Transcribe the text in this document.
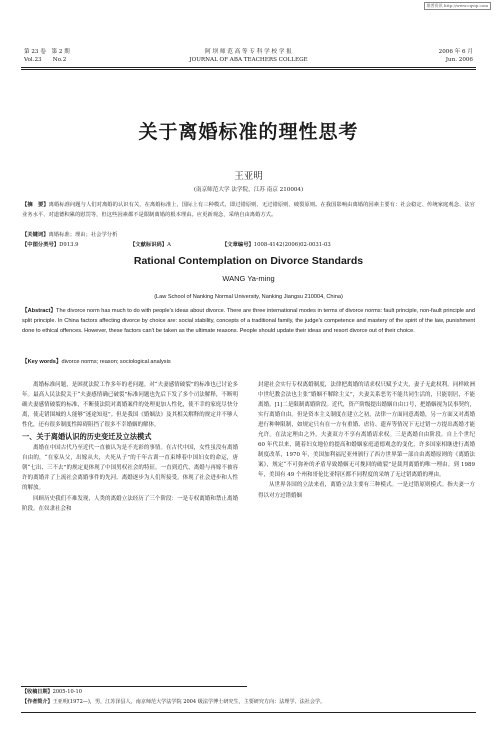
维普资讯 http://www.cqvip.com
第 23 卷　第 2 期
Vol.23　　No.2
阿 坝 师 范 高 等 专 科 学 校 学 报
JOURNAL OF ABA TEACHERS COLLEGE
2006 年 6 月
Jun. 2006
关于离婚标准的理性思考
王亚明
(南京师范大学 法学院，江苏 南京 210004)
【摘　要】离婚标准问题与人们对离婚的认识有关，在离婚标准上，国际上有三种模式，即过错原则、无过错原则、破裂原则。在我国影响由离婚的因素主要有：社会稳定、传统家庭观念、法官业务水平、对道德积累的慰罚等，但这些因素都不是限制离婚的根本理由。应更新观念，采纳自由离婚方式。
【关键词】离婚标准；理由；社会学分析
【中图分类号】D913.9	【文献标识码】A	【文章编号】1008-4142(2006)02-0031-03
Rational Contemplation on Divorce Standards
WANG Ya-ming
(Law School of Nanking Normal University, Nanking Jiangsu 210004, China)
【Abstract】The divorce norm has much to do with people's ideas about divorce. There are three international modes in terms of divorce norms: fault principle, non-fault principle and split principle. In China factors affecting divorce by choice are: social stability, concepts of a traditional family, the judge's competence and mastery of the spirit of the law, punishment done to ethical offences. However, these factors can't be taken as the ultimate reasons. People should update their ideas and resort divorce out of their choice.
【Key words】divorce norms; reason; sociological analysis

离婚标准问题，是困扰法院工作多年的老问题。对“夫妻感情破裂”的标准也已讨论多年。最高人民法院关于“夫妻感情确已破裂”标准问题也先后下发了多个司法解释，不断明确夫妻感情破裂的标准，不断使法院对离婚案件的处理更加人性化，使不幸的家庭尽快分离，使走错围城的人能够“迷途知返”。但是我国《婚姻法》及其相关解释的规定并不够人性化，还有很多制度性障碍阻挡了很多不幸婚姻的解体。

一、关于离婚认识的历史变迁及立法模式

离婚在中国古代乃至近代一直被认为是不光彩的事情。在古代中国，女性虽没有离婚自由的，“在家从父，出嫁从夫，夫死从子”的千年古训一直束缚着中国妇女的命运，唐朝“七出、三不去”的规定更体现了中国男权社会的特征。一直到近代，离婚与再嫁不被容许的离婚并了上流社会离婚事件的先河。离婚逐步为人们所接受，体现了社会进步和人性的解放。

回顾历史我们不难发现，人类的离婚立法经历了三个阶段：一是专权离婚和禁止离婚阶段。在奴隶社会和

封建社会实行专权离婚制度，法律把离婚的请求权只赋予丈夫，妻子无此权利。同样欧洲中世纪教会法也主张“婚姻不解除主义”，夫妻关系恶劣不能共同生活的，只能别居，不能离婚。[1]二是限制离婚阶段。近代，资产阶级提出婚姻自由口号，把婚姻视为民事契约，实行离婚自由。但是资本主义制度在建立之初，法律一方面同意离婚，另一方面又对离婚进行种种限制，如规定只有在一方有重婚、虐待、遗弃等情况下无过错一方提出离婚才能允许。在法定理由之外，夫妻双方不享有离婚请求权。三是离婚自由阶段。自上个世纪 60 年代以来，随着妇女地位的提高和婚姻家庭道德观念的变化，许多国家相继进行离婚制度改革，1970 年，美国加利福尼亚州颁行了西方世界第一部自由离婚原则的《离婚法案》，规定“不可弥补的矛盾导致婚姻无可挽回的破裂”是裁判离婚的唯一理由。到 1989 年，美国有 49 个州和哥伦比亚特区都不同程度的采纳了无过错离婚的理由。

从世界各国的立法来看，离婚立法主要有三种模式。一是过错原则模式。指夫妻一方得以对方过错婚姻

【收稿日期】2005-10-10
【作者简介】王亚明(1972—)，男，江苏泽县人，南京师范大学法学院 2004 级法学博士研究生，主要研究方向：法理学、法社会学。
